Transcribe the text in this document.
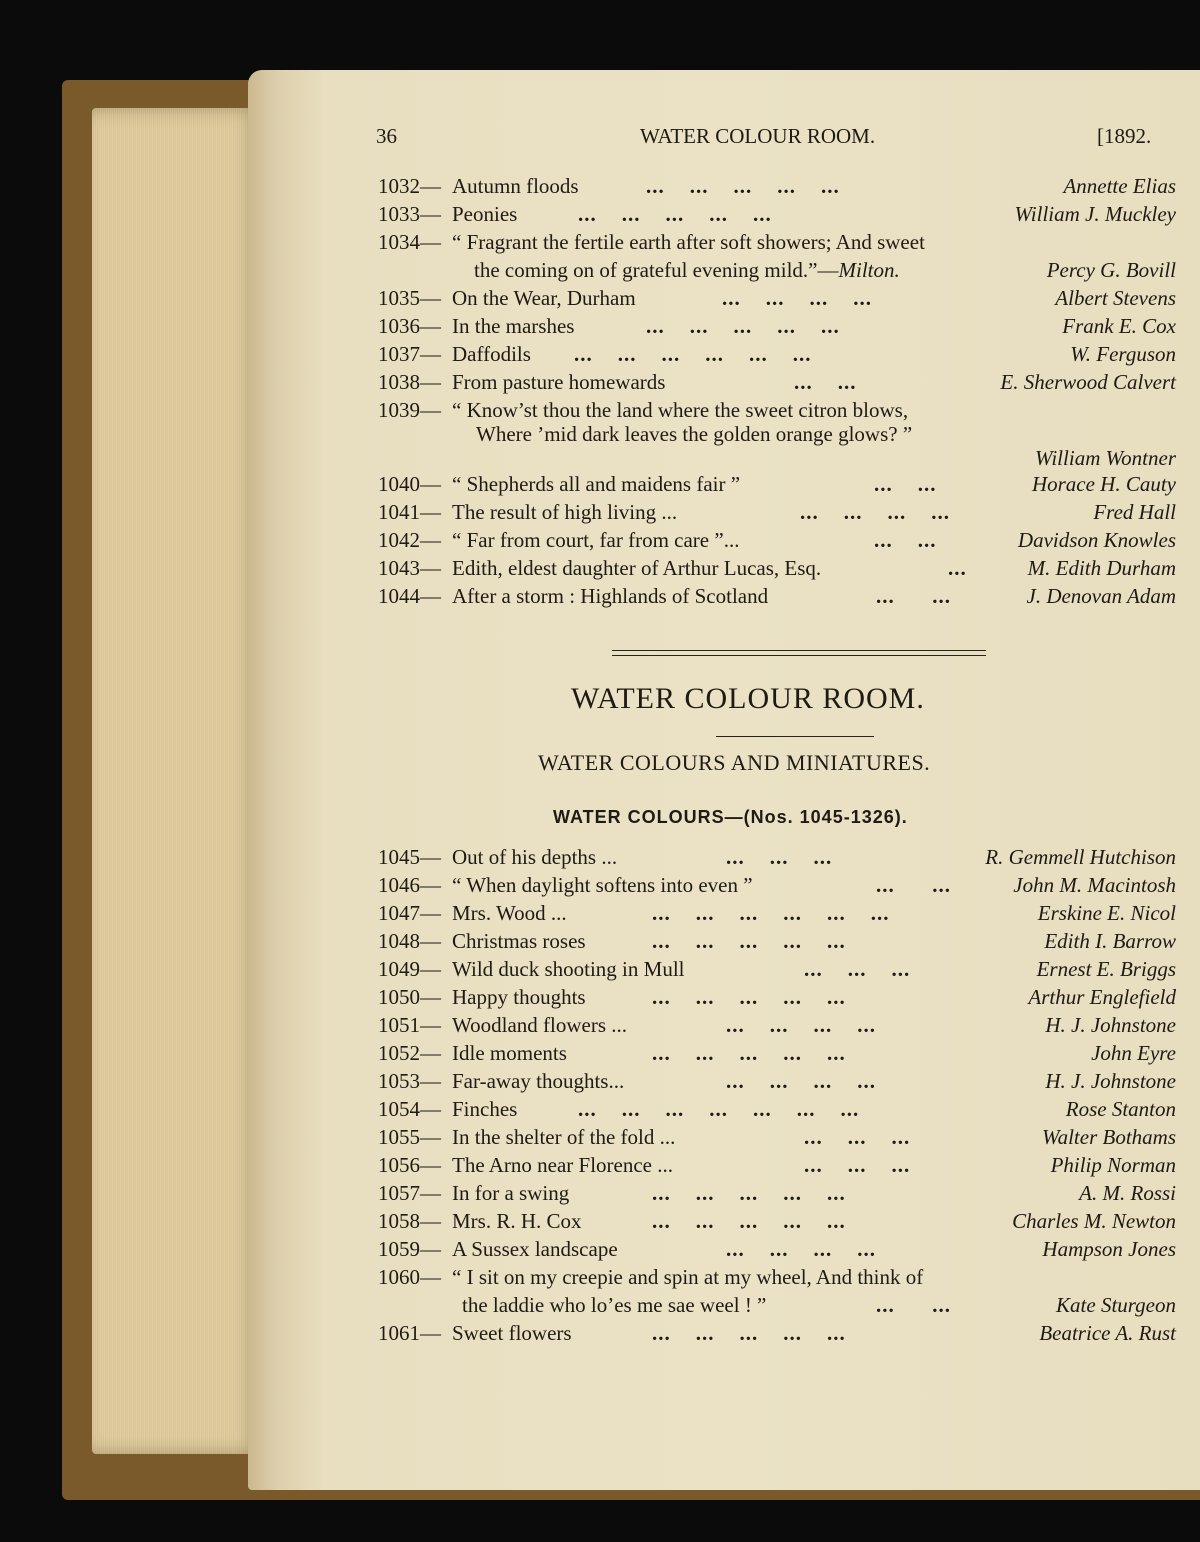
36	WATER COLOUR ROOM.	[1892.
1032— Autumn floods	...    ...    ...    ...    ...	Annette Elias
1033— Peonies	...    ...    ...    ...    ...	William J. Muckley
1034— “ Fragrant the fertile earth after soft showers; And sweet
the coming on of grateful evening mild.”—Milton.	Percy G. Bovill
1035— On the Wear, Durham	...    ...    ...    ...	Albert Stevens
1036— In the marshes	...    ...    ...    ...    ...	Frank E. Cox
1037— Daffodils ...    ...    ...    ...    ...    ...	W. Ferguson
1038— From pasture homewards	...    ...	E. Sherwood Calvert
1039— “ Know’st thou the land where the sweet citron blows,
Where ’mid dark leaves the golden orange glows? ”
William Wontner
1040— “ Shepherds all and maidens fair ”	...    ...	Horace H. Cauty
1041— The result of high living ...	...    ...    ...    ...	Fred Hall
1042— “ Far from court, far from care ”...	...    ...	Davidson Knowles
1043— Edith, eldest daughter of Arthur Lucas, Esq.	...	M. Edith Durham
1044— After a storm : Highlands of Scotland	...      ...	J. Denovan Adam
WATER COLOUR ROOM.
WATER COLOURS AND MINIATURES.
WATER COLOURS—(Nos. 1045-1326).
1045— Out of his depths ...	...    ...    ...	R. Gemmell Hutchison
1046— “ When daylight softens into even ”	...      ...	John M. Macintosh
1047— Mrs. Wood ...	...    ...    ...    ...    ...    ...	Erskine E. Nicol
1048— Christmas roses	...    ...    ...    ...    ...	Edith I. Barrow
1049— Wild duck shooting in Mull	...    ...    ...	Ernest E. Briggs
1050— Happy thoughts	...    ...    ...    ...    ...	Arthur Englefield
1051— Woodland flowers ...	...    ...    ...    ...	H. J. Johnstone
1052— Idle moments	...    ...    ...    ...    ...	John Eyre
1053— Far-away thoughts...	...    ...    ...    ...	H. J. Johnstone
1054— Finches	...    ...    ...    ...    ...    ...    ...	Rose Stanton
1055— In the shelter of the fold ...	...    ...    ...	Walter Bothams
1056— The Arno near Florence ...	...    ...    ...	Philip Norman
1057— In for a swing	...    ...    ...    ...    ...	A. M. Rossi
1058— Mrs. R. H. Cox	...    ...    ...    ...    ...	Charles M. Newton
1059— A Sussex landscape	...    ...    ...    ...	Hampson Jones
1060— “ I sit on my creepie and spin at my wheel, And think of
the laddie who lo’es me sae weel ! ”	...      ...	Kate Sturgeon
1061— Sweet flowers	...    ...    ...    ...    ...	Beatrice A. Rust
